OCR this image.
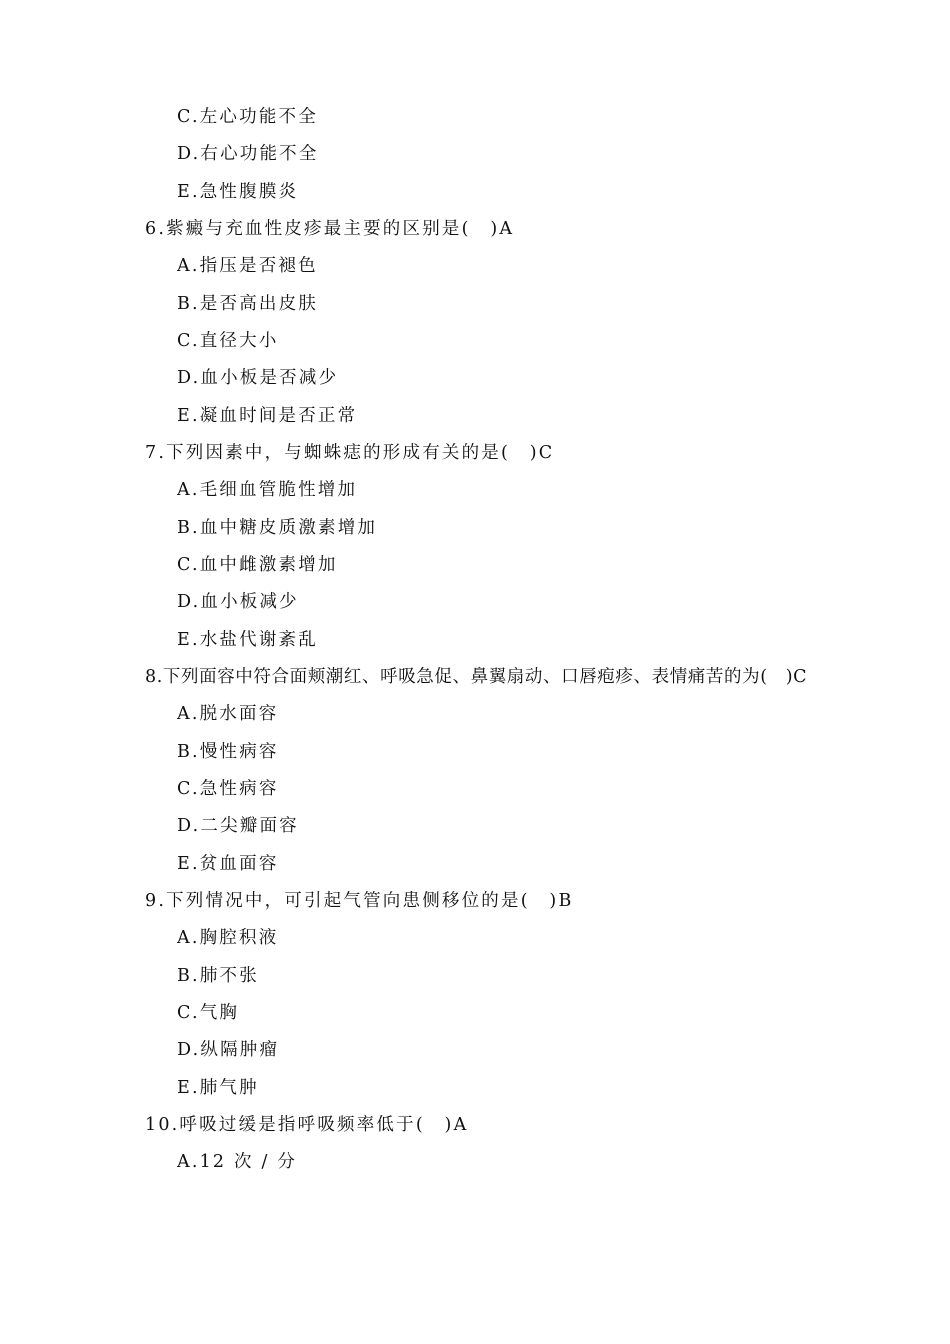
C.左心功能不全
D.右心功能不全
E.急性腹膜炎
6.紫癜与充血性皮疹最主要的区别是(　)A
A.指压是否褪色
B.是否高出皮肤
C.直径大小
D.血小板是否减少
E.凝血时间是否正常
7.下列因素中，与蜘蛛痣的形成有关的是(　)C
A.毛细血管脆性增加
B.血中糖皮质激素增加
C.血中雌激素增加
D.血小板减少
E.水盐代谢紊乱
8.下列面容中符合面颊潮红、呼吸急促、鼻翼扇动、口唇疱疹、表情痛苦的为(　)C
A.脱水面容
B.慢性病容
C.急性病容
D.二尖瓣面容
E.贫血面容
9.下列情况中，可引起气管向患侧移位的是(　)B
A.胸腔积液
B.肺不张
C.气胸
D.纵隔肿瘤
E.肺气肿
10.呼吸过缓是指呼吸频率低于(　)A
A.12 次 / 分
